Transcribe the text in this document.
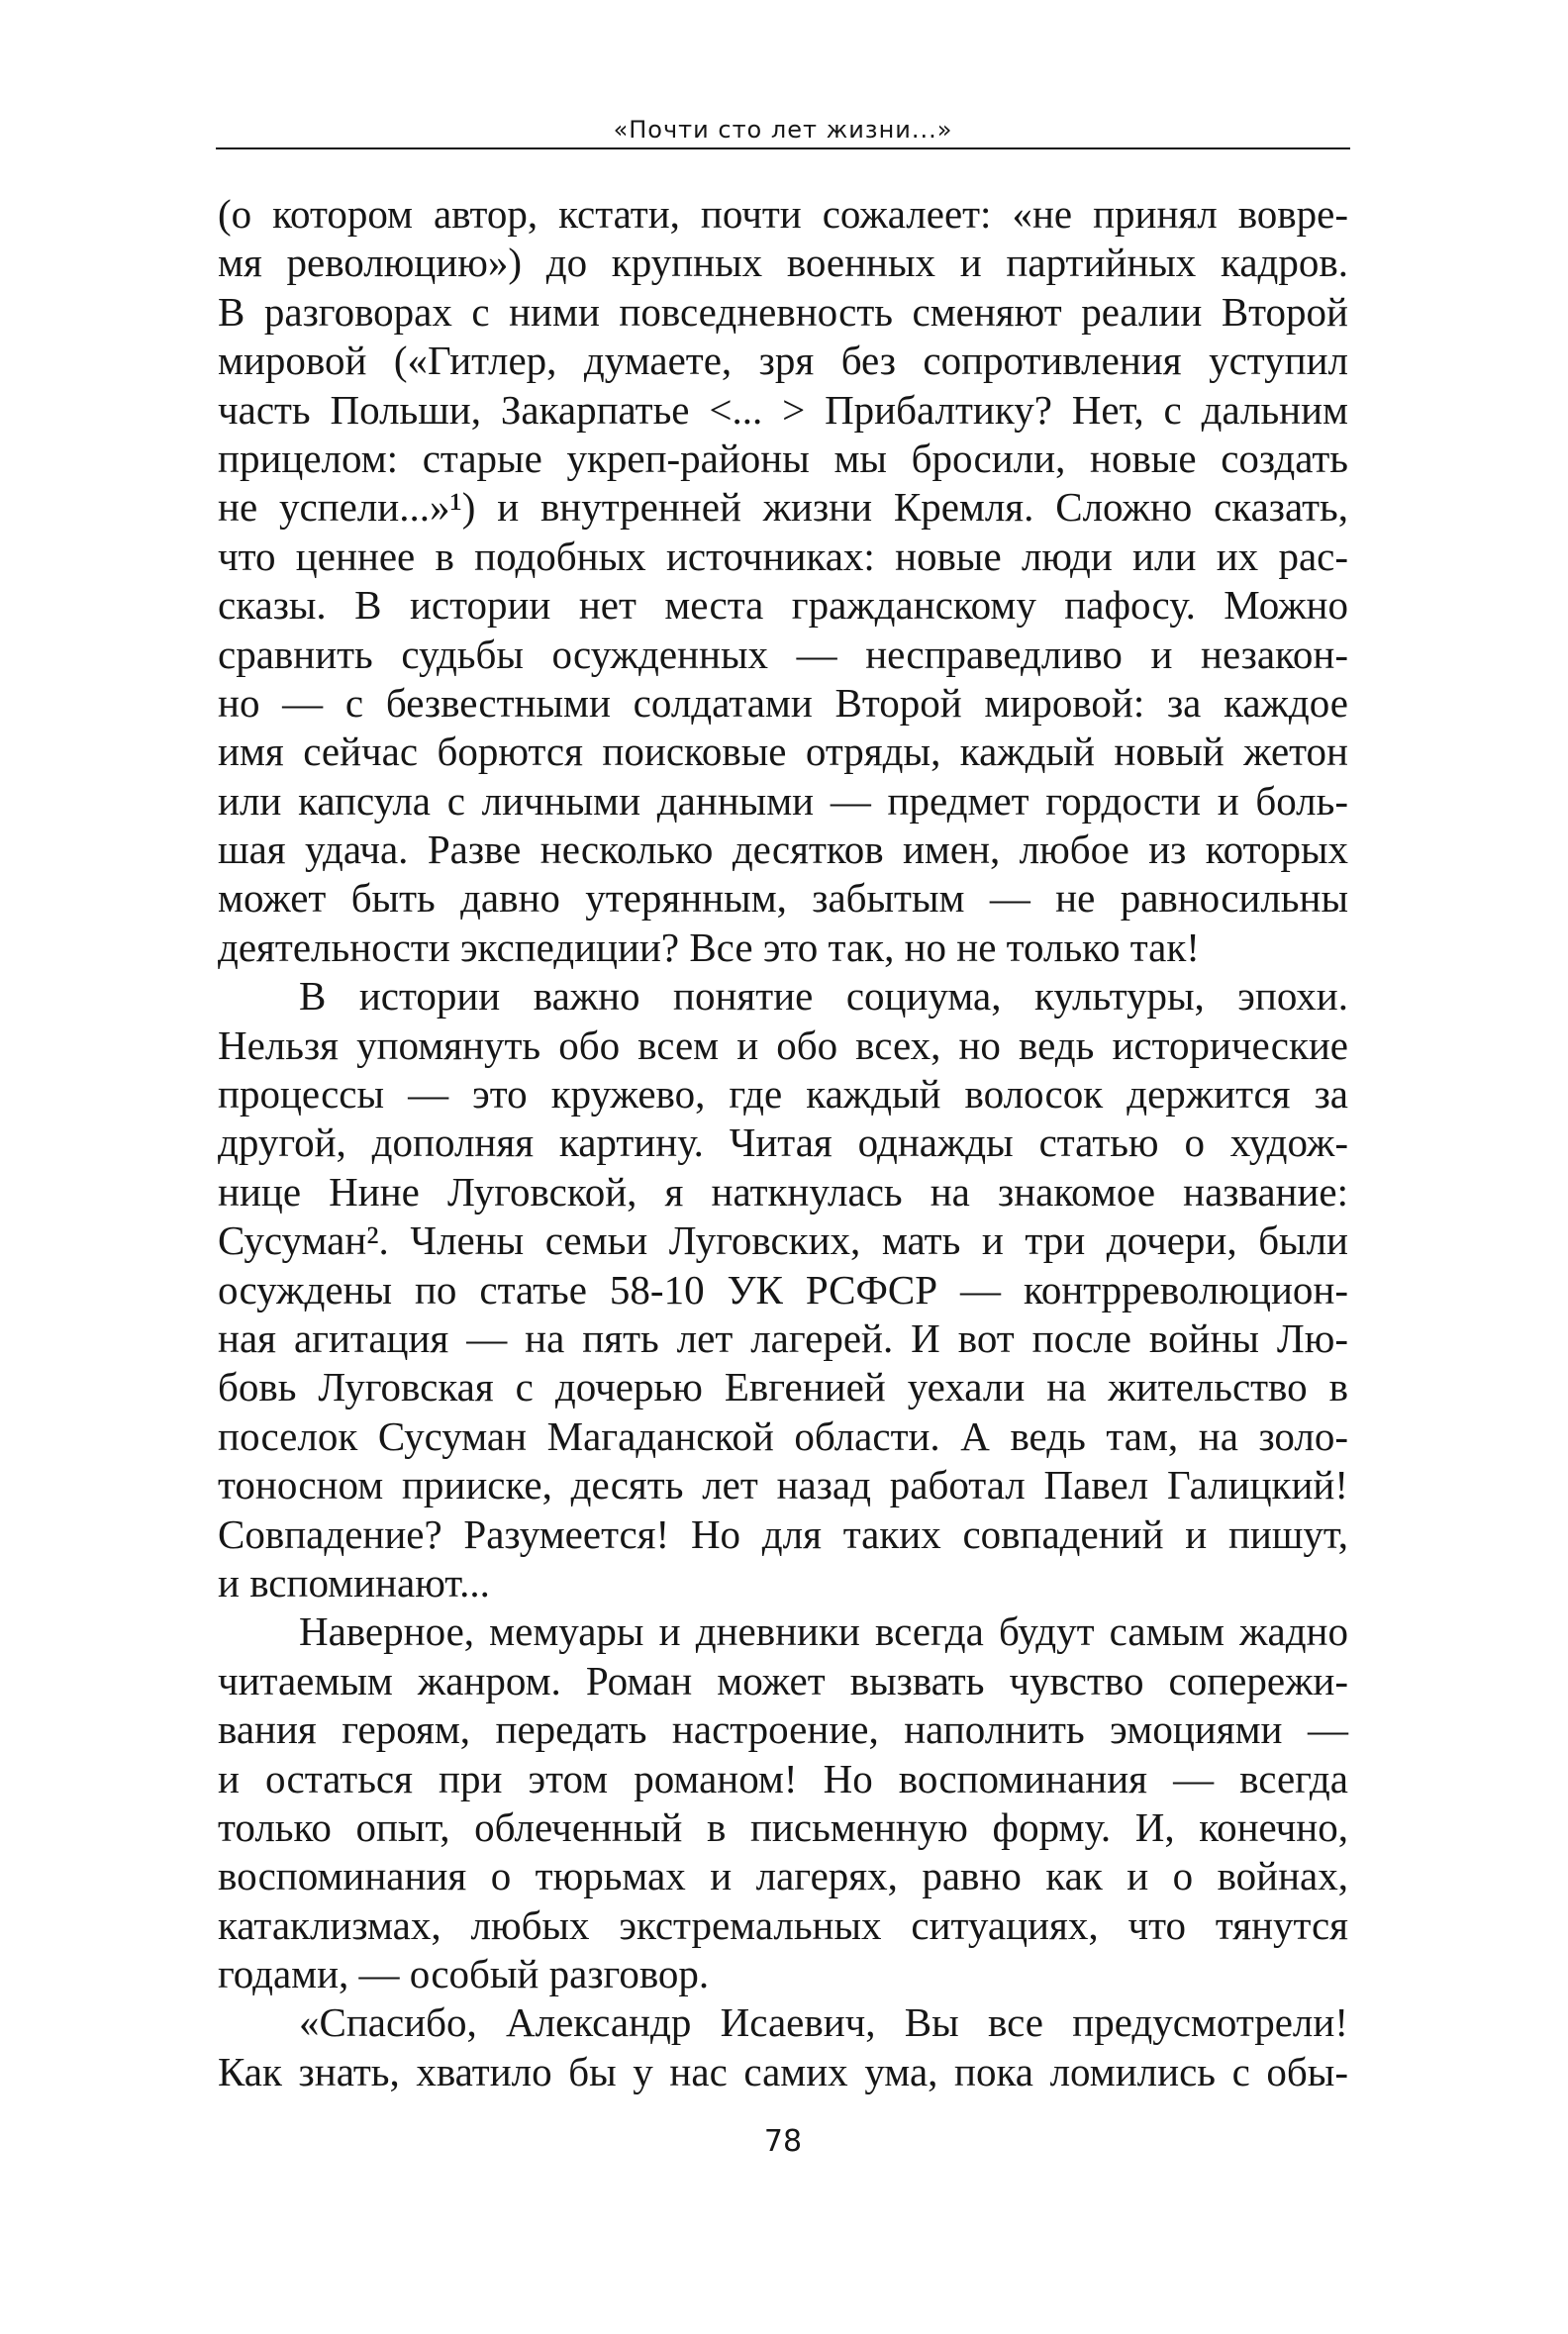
«Почти сто лет жизни...»
(о котором автор, кстати, почти сожалеет: «не принял вовре-
мя революцию») до крупных военных и партийных кадров.
В разговорах с ними повседневность сменяют реалии Второй
мировой («Гитлер, думаете, зря без сопротивления уступил
часть Польши, Закарпатье <... > Прибалтику? Нет, с дальним
прицелом: старые укреп-районы мы бросили, новые создать
не успели...»¹) и внутренней жизни Кремля. Сложно сказать,
что ценнее в подобных источниках: новые люди или их рас-
сказы. В истории нет места гражданскому пафосу. Можно
сравнить судьбы осужденных — несправедливо и незакон-
но — с безвестными солдатами Второй мировой: за каждое
имя сейчас борются поисковые отряды, каждый новый жетон
или капсула с личными данными — предмет гордости и боль-
шая удача. Разве несколько десятков имен, любое из которых
может быть давно утерянным, забытым — не равносильны
деятельности экспедиции? Все это так, но не только так!
В истории важно понятие социума, культуры, эпохи.
Нельзя упомянуть обо всем и обо всех, но ведь исторические
процессы — это кружево, где каждый волосок держится за
другой, дополняя картину. Читая однажды статью о худож-
нице Нине Луговской, я наткнулась на знакомое название:
Сусуман². Члены семьи Луговских, мать и три дочери, были
осуждены по статье 58-10 УК РСФСР — контрреволюцион-
ная агитация — на пять лет лагерей. И вот после войны Лю-
бовь Луговская с дочерью Евгенией уехали на жительство в
поселок Сусуман Магаданской области. А ведь там, на золо-
тоносном прииске, десять лет назад работал Павел Галицкий!
Совпадение? Разумеется! Но для таких совпадений и пишут,
и вспоминают...
Наверное, мемуары и дневники всегда будут самым жадно
читаемым жанром. Роман может вызвать чувство сопережи-
вания героям, передать настроение, наполнить эмоциями —
и остаться при этом романом! Но воспоминания — всегда
только опыт, облеченный в письменную форму. И, конечно,
воспоминания о тюрьмах и лагерях, равно как и о войнах,
катаклизмах, любых экстремальных ситуациях, что тянутся
годами, — особый разговор.
«Спасибо, Александр Исаевич, Вы все предусмотрели!
Как знать, хватило бы у нас самих ума, пока ломились с обы-
78
